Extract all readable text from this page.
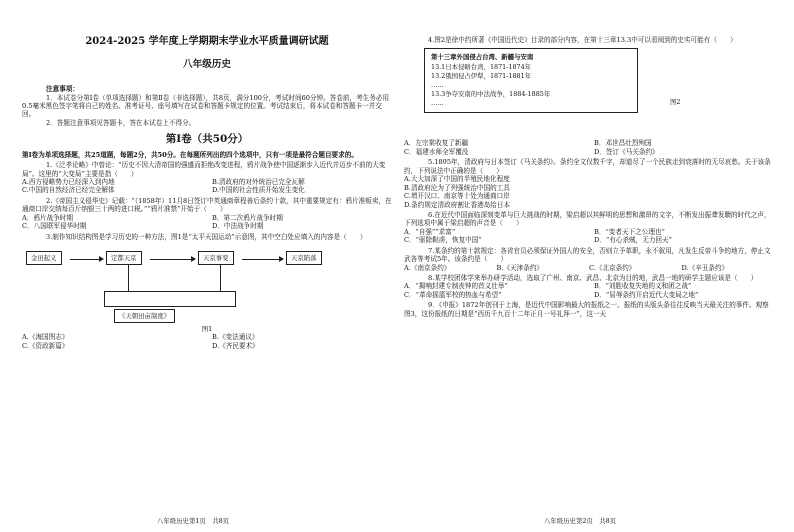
2024-2025 学年度上学期期末学业水平质量调研试题

八年级历史

注意事项：

1．本试卷分第Ⅰ卷（单项选择题）和第Ⅱ卷（非选择题），共8页，满分100分，考试时间60分钟。答卷前，考生务必用0.5毫米黑色签字笔将自己的姓名、准考证号、座号填写在试卷和答题卡规定的位置。考试结束后，将本试卷和答题卡一并交回。

2．答题注意事项见答题卡，答在本试卷上不得分。

第Ⅰ卷（共50分）

第Ⅰ卷为单项选择题，共25道题，每题2分，共50分。在每题所列出的四个选项中，只有一项是最符合题目要求的。

1.《泛孝论略》中曾论：“历史不因大清帝国的强盛而拒绝改变进程，鸦片战争使中国逐渐步入近代并迈步不前的大变局”。这里的“大变局”主要是指（　　）

A.西方侵略势力已经深入到内地	B.清政府的对外统治已完全瓦解
C.中国的自然经济已经完全解体	D.中国的社会性质开始发生变化

2.《帝国主义侵华史》记载：“（1858年）11月8日签订中英通商章程善后条约十款，其中重要规定有：鸦片准贩卖，在通商口岸交纳每百斤纳银三十两的进口税。”“鸦片准禁”开始于（　　）

A．鸦片战争时期	B．第二次鸦片战争时期
C．八国联军侵华时期	D．中法战争时期

3.制作知识结构图是学习历史的一种方法，图1是“太平天国运动”示意图，其中空白处应填入的内容是（　　）

金田起义	定都天京	天京事变	天京陷落
《天朝田亩制度》

图1

A.《海国图志》	B.《变法通议》
C.《资政新篇》	D.《齐民要术》

八年级历史第1页　共8页

4.图2是徐中约所著《中国近代史》目录的部分内容，在第十三章13.3中可以看阅到的史实可能有（　　）

第十三章外国侵占台湾、新疆与安南

13.1日本侵略台湾，1871-1874年

13.2俄国侵占伊犁，1871-1881年

……

13.3争夺安南的中法战争，1884-1885年

……	图2
A．左宗棠收复了新疆	B．邓世昌壮烈殉国
C．福建水师全军覆没	D．签订《马关条约》

5.1895年，清政府与日本签订《马关条约》。条约全文仅数千字，却道尽了一个民族走到衰落时的无尽哀愁。关于该条约，下列说法中正确的是（　　）

A.大大加深了中国的半殖民地化程度

B.清政府沦为了列强统治中国的工具

C.增开汉口、南京等十处为通商口岸

D.条约规定清政府割让香港岛给日本

6.在近代中国面临深刻变革与巨大挑战的时期，梁启超以其鲜明的思想和激昂的文字，不断发出振聋发聩的时代之声，下列选项中属于梁启超的声音是（　　）

A．“自强”“求富”	B．“变者天下之公理也”
C．“驱除鞑虏，恢复中国”	D．“有心杀贼，无力回天”

7.某条约的第十款规定：各省官员必须保证外国人的安全，否则立予革职，永不叙用，凡发生反帝斗争的地方，停止文武各等考试5年。该条约是（　　）

A.《南京条约》	B.《天津条约》	C.《北京条约》	D.《辛丑条约》

8.某学校团体学来举办研学活动，选取了广州、南京、武昌、北京为目的地，武昌一地的研学主题应该是（　　）

A．“揭响封建专制丧钟的首义壮举”	B．“刘胜收复失地的义和团之战”
C．“革命摇篮军校的热血与希望”	D．“屈辱条约开启近代大变局之地”

9．《申报》1872年创刊于上海，是近代中国影响最大的报纸之一。报纸的头版头条往往反映当天最关注的事件。观察图3，这份报纸的日期是“西历千九百十二年正月一号礼拜一”，这一天

八年级历史第2页　共8页
